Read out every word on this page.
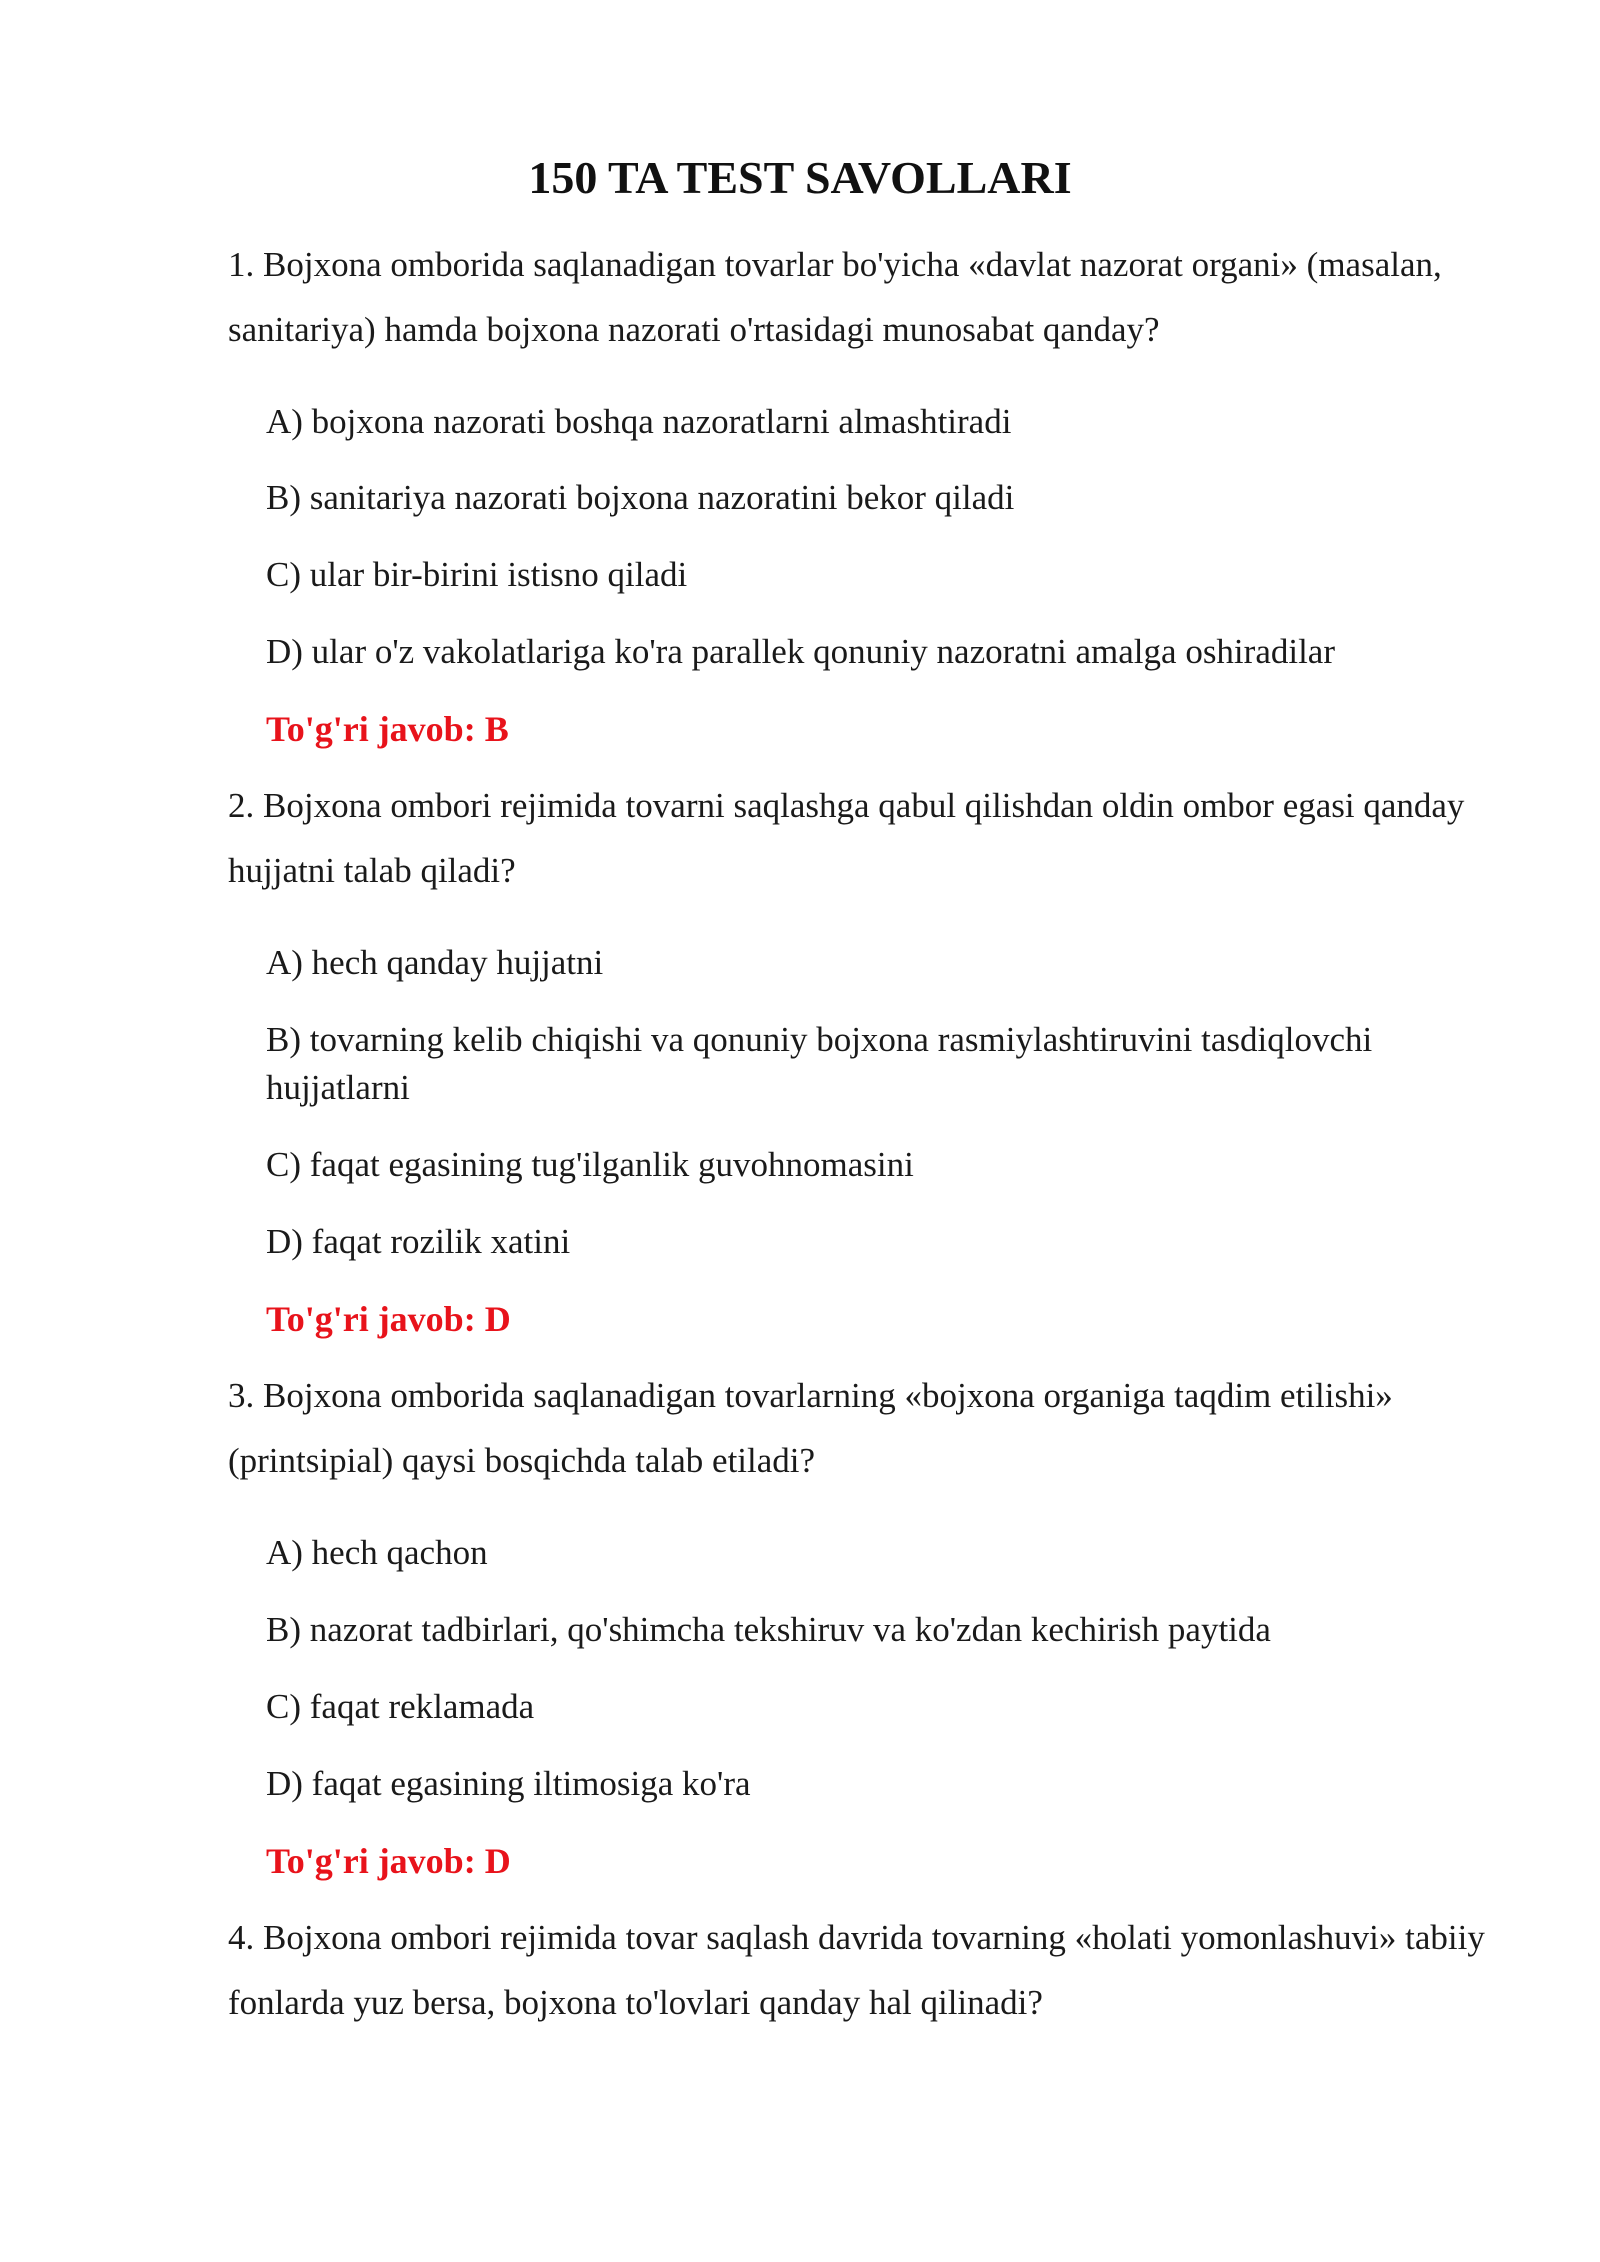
150 TA TEST SAVOLLARI

1. Bojxona omborida saqlanadigan tovarlar bo'yicha «davlat nazorat organi» (masalan, sanitariya) hamda bojxona nazorati o'rtasidagi munosabat qanday?

A) bojxona nazorati boshqa nazoratlarni almashtiradi

B) sanitariya nazorati bojxona nazoratini bekor qiladi

C) ular bir-birini istisno qiladi

D) ular o'z vakolatlariga ko'ra parallek qonuniy nazoratni amalga oshiradilar

To'g'ri javob: B

2. Bojxona ombori rejimida tovarni saqlashga qabul qilishdan oldin ombor egasi qanday hujjatni talab qiladi?

A) hech qanday hujjatni

B) tovarning kelib chiqishi va qonuniy bojxona rasmiylashtiruvini tasdiqlovchi hujjatlarni

C) faqat egasining tug'ilganlik guvohnomasini

D) faqat rozilik xatini

To'g'ri javob: D

3. Bojxona omborida saqlanadigan tovarlarning «bojxona organiga taqdim etilishi» (printsipial) qaysi bosqichda talab etiladi?

A) hech qachon

B) nazorat tadbirlari, qo'shimcha tekshiruv va ko'zdan kechirish paytida

C) faqat reklamada

D) faqat egasining iltimosiga ko'ra

To'g'ri javob: D

4. Bojxona ombori rejimida tovar saqlash davrida tovarning «holati yomonlashuvi» tabiiy fonlarda yuz bersa, bojxona to'lovlari qanday hal qilinadi?
